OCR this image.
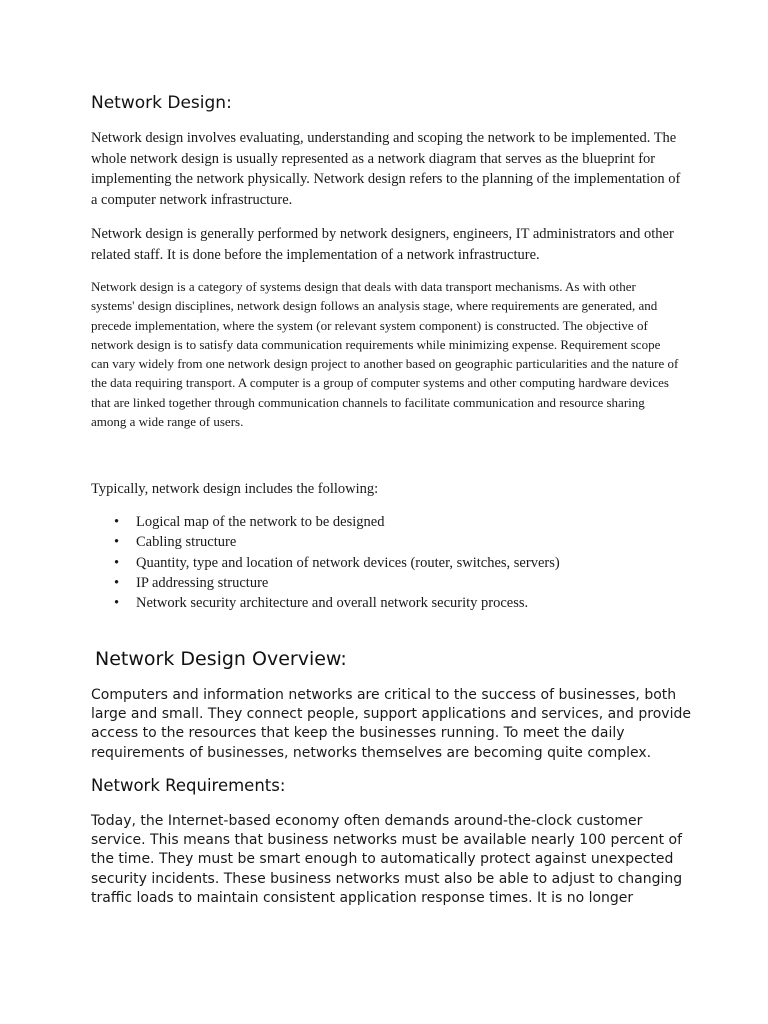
Network Design:

Network design involves evaluating, understanding and scoping the network to be implemented. The whole network design is usually represented as a network diagram that serves as the blueprint for implementing the network physically. Network design refers to the planning of the implementation of a computer network infrastructure.

Network design is generally performed by network designers, engineers, IT administrators and other related staff. It is done before the implementation of a network infrastructure.

Network design is a category of systems design that deals with data transport mechanisms. As with other systems' design disciplines, network design follows an analysis stage, where requirements are generated, and precede implementation, where the system (or relevant system component) is constructed. The objective of network design is to satisfy data communication requirements while minimizing expense. Requirement scope can vary widely from one network design project to another based on geographic particularities and the nature of the data requiring transport. A computer is a group of computer systems and other computing hardware devices that are linked together through communication channels to facilitate communication and resource sharing among a wide range of users.

Typically, network design includes the following:

• Logical map of the network to be designed
• Cabling structure
• Quantity, type and location of network devices (router, switches, servers)
• IP addressing structure
• Network security architecture and overall network security process.
Network Design Overview:

Computers and information networks are critical to the success of businesses, both large and small. They connect people, support applications and services, and provide access to the resources that keep the businesses running. To meet the daily requirements of businesses, networks themselves are becoming quite complex.

Network Requirements:

Today, the Internet-based economy often demands around-the-clock customer service. This means that business networks must be available nearly 100 percent of the time. They must be smart enough to automatically protect against unexpected security incidents. These business networks must also be able to adjust to changing traffic loads to maintain consistent application response times. It is no longer
